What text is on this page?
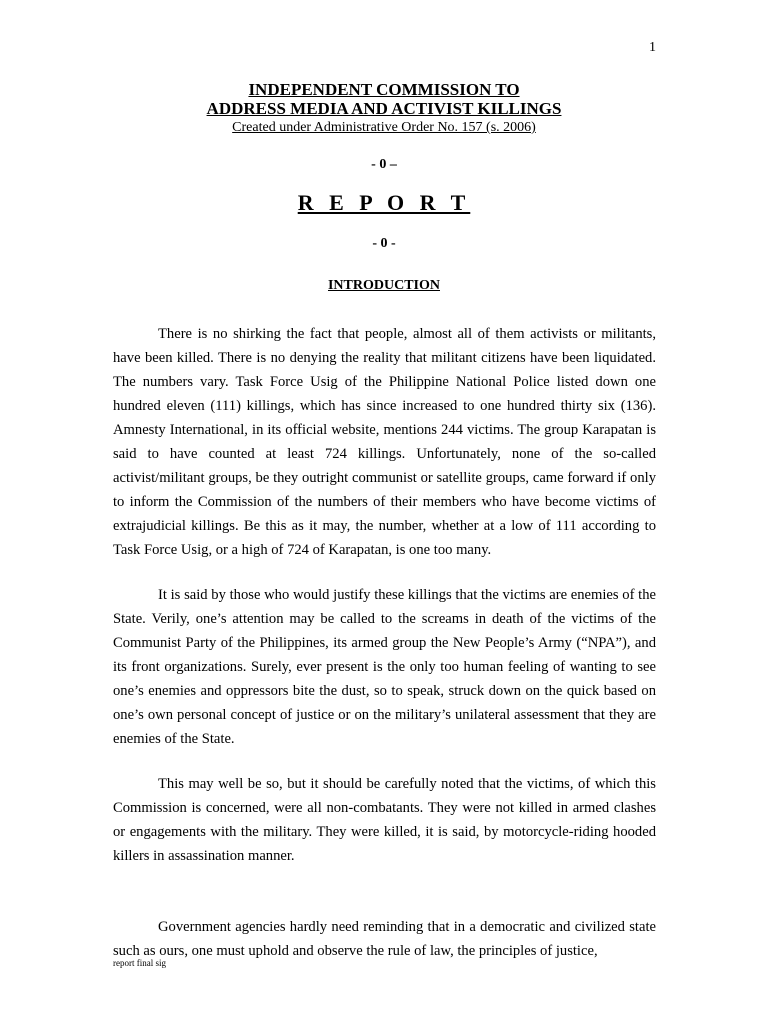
1
INDEPENDENT COMMISSION TO
ADDRESS MEDIA AND ACTIVIST KILLINGS
Created under Administrative Order No. 157 (s. 2006)
- 0 –
R E P O R T
- 0 -
INTRODUCTION

There is no shirking the fact that people, almost all of them activists or militants, have been killed. There is no denying the reality that militant citizens have been liquidated. The numbers vary. Task Force Usig of the Philippine National Police listed down one hundred eleven (111) killings, which has since increased to one hundred thirty six (136). Amnesty International, in its official website, mentions 244 victims. The group Karapatan is said to have counted at least 724 killings. Unfortunately, none of the so-called activist/militant groups, be they outright communist or satellite groups, came forward if only to inform the Commission of the numbers of their members who have become victims of extrajudicial killings. Be this as it may, the number, whether at a low of 111 according to Task Force Usig, or a high of 724 of Karapatan, is one too many.

It is said by those who would justify these killings that the victims are enemies of the State. Verily, one’s attention may be called to the screams in death of the victims of the Communist Party of the Philippines, its armed group the New People’s Army (“NPA”), and its front organizations. Surely, ever present is the only too human feeling of wanting to see one’s enemies and oppressors bite the dust, so to speak, struck down on the quick based on one’s own personal concept of justice or on the military’s unilateral assessment that they are enemies of the State.

This may well be so, but it should be carefully noted that the victims, of which this Commission is concerned, were all non-combatants. They were not killed in armed clashes or engagements with the military. They were killed, it is said, by motorcycle-riding hooded killers in assassination manner.

Government agencies hardly need reminding that in a democratic and civilized state such as ours, one must uphold and observe the rule of law, the principles of justice,

report final sig
